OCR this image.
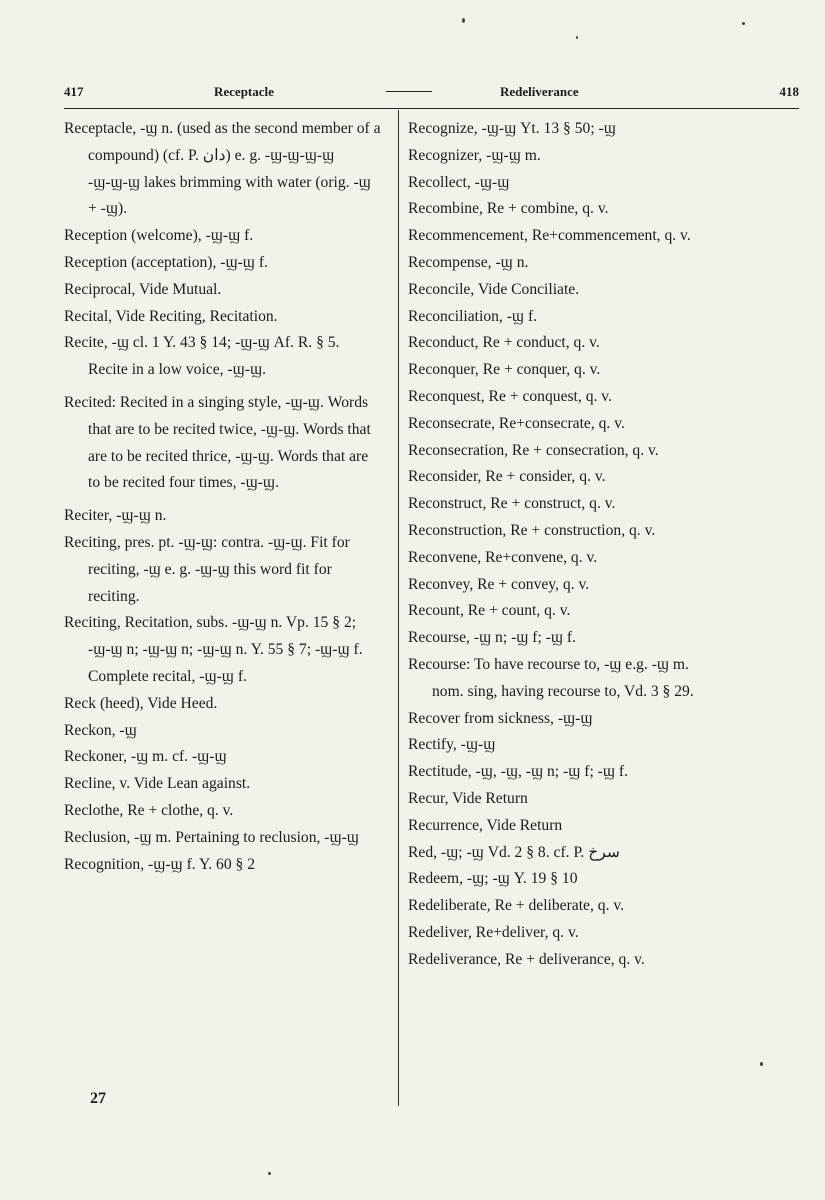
417	Receptacle	Redeliverance	418
Receptacle, ‑ϣ n. (used as the second member of a compound) (cf. P. دان) e. g. ‑ϣ‑ϣ‑ϣ‑ϣ ‑ϣ‑ϣ‑ϣ lakes brimming with water (orig. ‑ϣ + ‑ϣ).
Reception (welcome), ‑ϣ‑ϣ f.
Reception (acceptation), ‑ϣ‑ϣ f.
Reciprocal, Vide Mutual.
Recital, Vide Reciting, Recitation.
Recite, ‑ϣ cl. 1 Y. 43 § 14; ‑ϣ‑ϣ Af. R. § 5. Recite in a low voice, ‑ϣ‑ϣ.
Recited: Recited in a singing style, ‑ϣ‑ϣ. Words that are to be recited twice, ‑ϣ‑ϣ. Words that are to be recited thrice, ‑ϣ‑ϣ. Words that are to be recited four times, ‑ϣ‑ϣ.
Reciter, ‑ϣ‑ϣ n.
Reciting, pres. pt. ‑ϣ‑ϣ: contra. ‑ϣ‑ϣ. Fit for reciting, ‑ϣ e. g. ‑ϣ‑ϣ this word fit for reciting.
Reciting, Recitation, subs. ‑ϣ‑ϣ n. Vp. 15 § 2; ‑ϣ‑ϣ n; ‑ϣ‑ϣ n; ‑ϣ‑ϣ n. Y. 55 § 7; ‑ϣ‑ϣ f. Complete recital, ‑ϣ‑ϣ f.
Reck (heed), Vide Heed.
Reckon, ‑ϣ
Reckoner, ‑ϣ m. cf. ‑ϣ‑ϣ
Recline, v. Vide Lean against.
Reclothe, Re + clothe, q. v.
Reclusion, ‑ϣ m. Pertaining to reclusion, ‑ϣ‑ϣ
Recognition, ‑ϣ‑ϣ f. Y. 60 § 2
Recognize, ‑ϣ‑ϣ Yt. 13 § 50; ‑ϣ
Recognizer, ‑ϣ‑ϣ m.
Recollect, ‑ϣ‑ϣ
Recombine, Re + combine, q. v.
Recommencement, Re+commencement, q. v.
Recompense, ‑ϣ n.
Reconcile, Vide Conciliate.
Reconciliation, ‑ϣ f.
Reconduct, Re + conduct, q. v.
Reconquer, Re + conquer, q. v.
Reconquest, Re + conquest, q. v.
Reconsecrate, Re+consecrate, q. v.
Reconsecration, Re + consecration, q. v.
Reconsider, Re + consider, q. v.
Reconstruct, Re + construct, q. v.
Reconstruction, Re + construction, q. v.
Reconvene, Re+convene, q. v.
Reconvey, Re + convey, q. v.
Recount, Re + count, q. v.
Recourse, ‑ϣ n; ‑ϣ f; ‑ϣ f.
Recourse: To have recourse to, ‑ϣ e.g. ‑ϣ m. nom. sing, having recourse to, Vd. 3 § 29.
Recover from sickness, ‑ϣ‑ϣ
Rectify, ‑ϣ‑ϣ
Rectitude, ‑ϣ, ‑ϣ, ‑ϣ n; ‑ϣ f; ‑ϣ f.
Recur, Vide Return
Recurrence, Vide Return
Red, ‑ϣ; ‑ϣ Vd. 2 § 8. cf. P. سرخ
Redeem, ‑ϣ; ‑ϣ Y. 19 § 10
Redeliberate, Re + deliberate, q. v.
Redeliver, Re+deliver, q. v.
Redeliverance, Re + deliverance, q. v.
27
